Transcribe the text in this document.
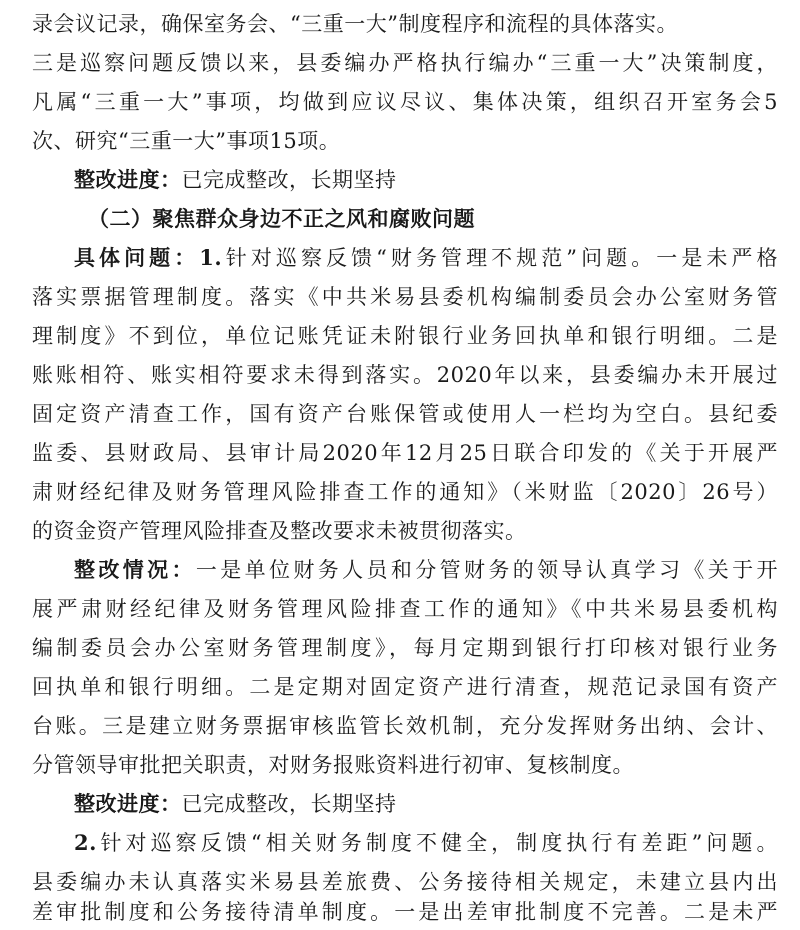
录会议记录，确保室务会、“三重一大”制度程序和流程的具体落实。
三是巡察问题反馈以来，县委编办严格执行编办“三重一大”决策制度，
凡属“三重一大”事项，均做到应议尽议、集体决策，组织召开室务会5
次、研究“三重一大”事项15项。
整改进度：已完成整改，长期坚持
（二）聚焦群众身边不正之风和腐败问题
具体问题：1.针对巡察反馈“财务管理不规范”问题。一是未严格
落实票据管理制度。落实《中共米易县委机构编制委员会办公室财务管
理制度》不到位，单位记账凭证未附银行业务回执单和银行明细。二是
账账相符、账实相符要求未得到落实。2020年以来，县委编办未开展过
固定资产清查工作，国有资产台账保管或使用人一栏均为空白。县纪委
监委、县财政局、县审计局2020年12月25日联合印发的《关于开展严
肃财经纪律及财务管理风险排查工作的通知》（米财监〔2020〕26号）
的资金资产管理风险排查及整改要求未被贯彻落实。
整改情况：一是单位财务人员和分管财务的领导认真学习《关于开
展严肃财经纪律及财务管理风险排查工作的通知》《中共米易县委机构
编制委员会办公室财务管理制度》，每月定期到银行打印核对银行业务
回执单和银行明细。二是定期对固定资产进行清查，规范记录国有资产
台账。三是建立财务票据审核监管长效机制，充分发挥财务出纳、会计、
分管领导审批把关职责，对财务报账资料进行初审、复核制度。
整改进度：已完成整改，长期坚持
2.针对巡察反馈“相关财务制度不健全，制度执行有差距”问题。
县委编办未认真落实米易县差旅费、公务接待相关规定，未建立县内出
差审批制度和公务接待清单制度。一是出差审批制度不完善。二是未严
